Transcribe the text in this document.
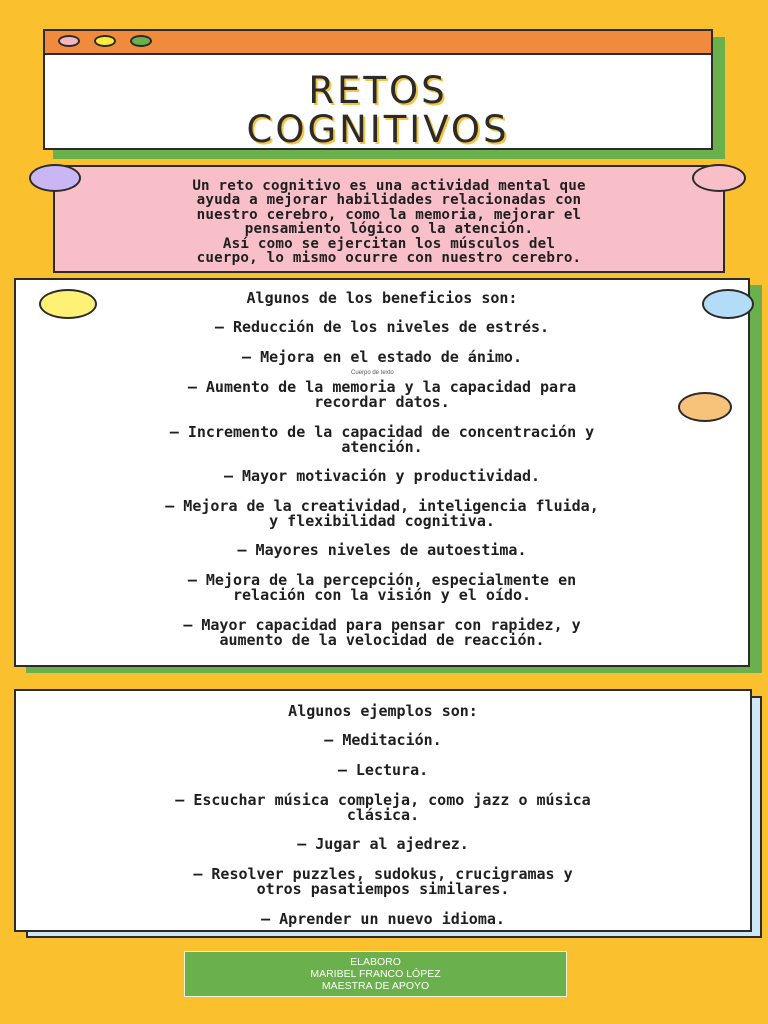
RETOS
COGNITIVOS
Un reto cognitivo es una actividad mental que
ayuda a mejorar habilidades relacionadas con
nuestro cerebro, como la memoria, mejorar el
pensamiento lógico o la atención.
Así como se ejercitan los músculos del
cuerpo, lo mismo ocurre con nuestro cerebro.
Algunos de los beneficios son:
– Reducción de los niveles de estrés.
– Mejora en el estado de ánimo.
Cuerpo de texto
– Aumento de la memoria y la capacidad para
recordar datos.
– Incremento de la capacidad de concentración y
atención.
– Mayor motivación y productividad.
– Mejora de la creatividad, inteligencia fluida,
y flexibilidad cognitiva.
– Mayores niveles de autoestima.
– Mejora de la percepción, especialmente en
relación con la visión y el oído.
– Mayor capacidad para pensar con rapidez, y
aumento de la velocidad de reacción.
Algunos ejemplos son:
– Meditación.
– Lectura.
– Escuchar música compleja, como jazz o música
clásica.
– Jugar al ajedrez.
– Resolver puzzles, sudokus, crucigramas y
otros pasatiempos similares.
– Aprender un nuevo idioma.
ELABORO
MARIBEL FRANCO LÓPEZ
MAESTRA DE APOYO
